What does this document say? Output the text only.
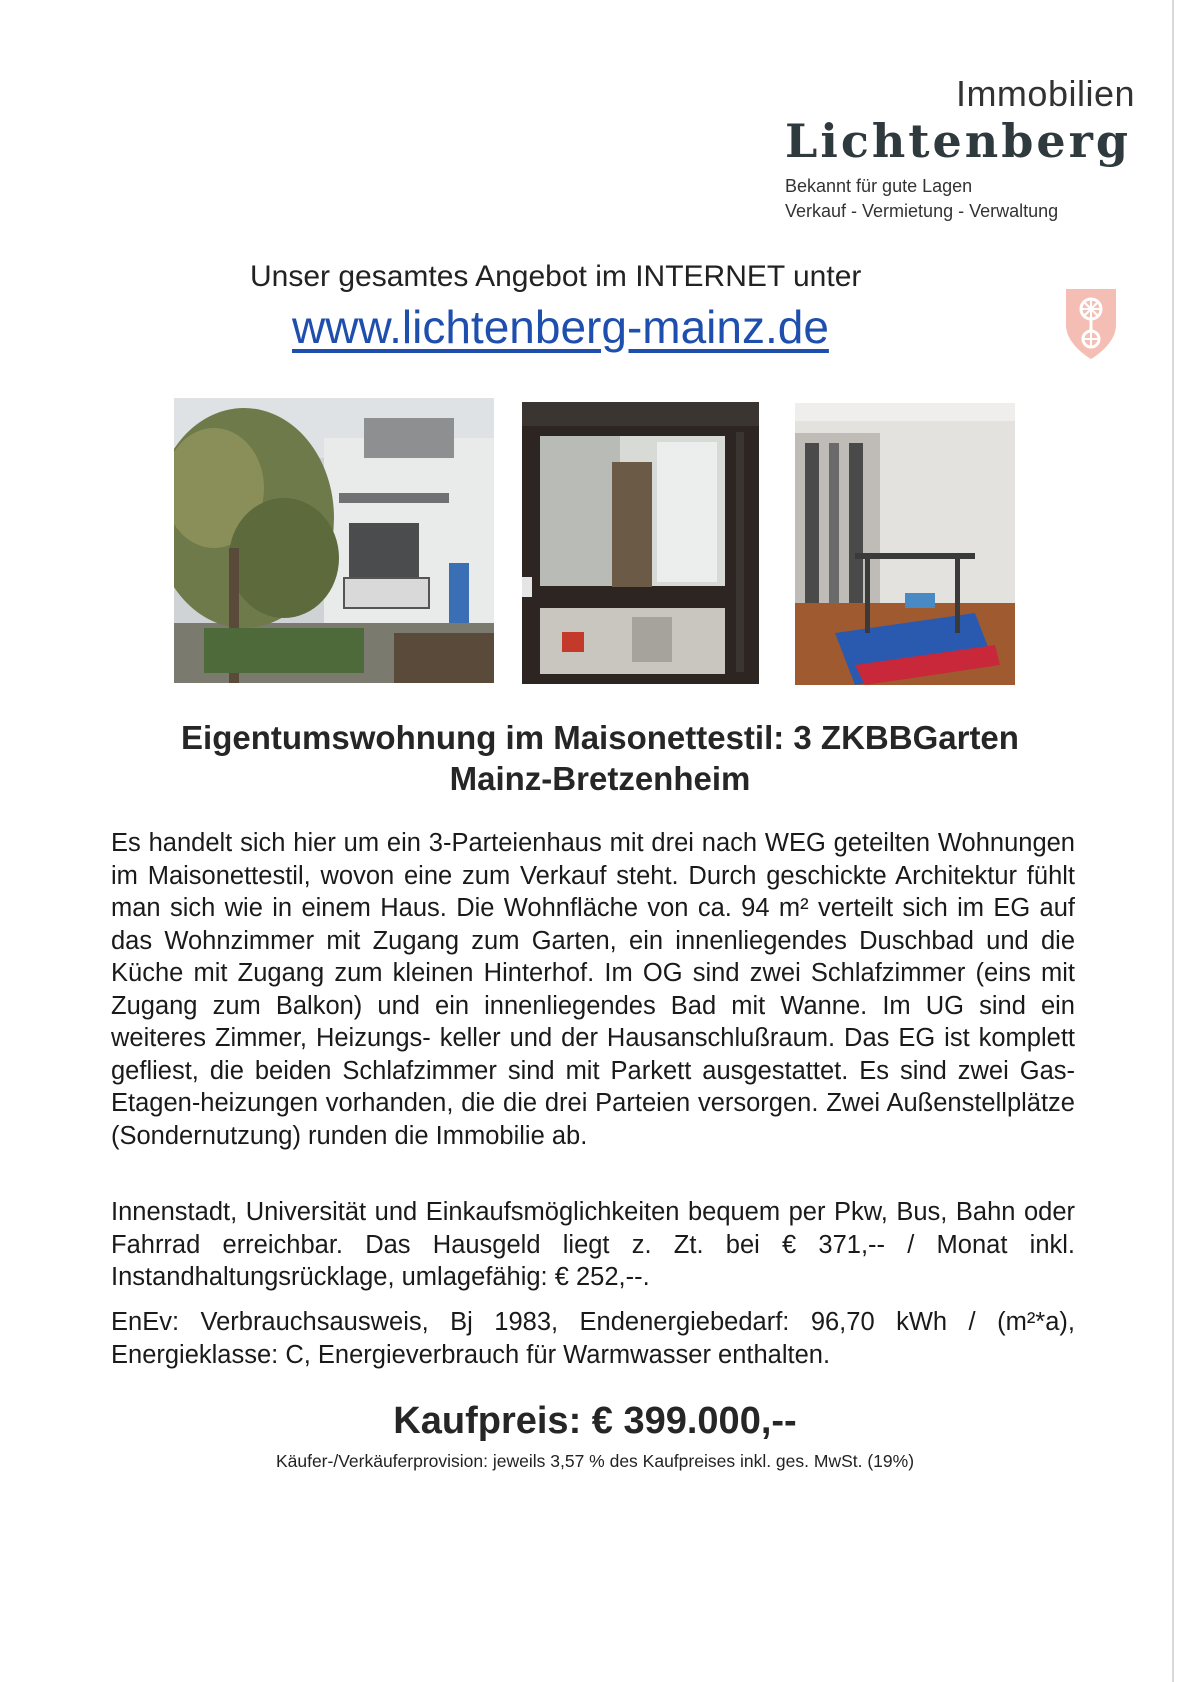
Immobilien
Lichtenberg
Bekannt für gute Lagen
Verkauf - Vermietung - Verwaltung
Unser gesamtes Angebot im INTERNET unter
www.lichtenberg-mainz.de
Eigentumswohnung im Maisonettestil: 3 ZKBBGarten
Mainz-Bretzenheim

Es handelt sich hier um ein 3-Parteienhaus mit drei nach WEG geteilten Wohnungen im Maisonettestil, wovon eine zum Verkauf steht. Durch geschickte Architektur fühlt man sich wie in einem Haus. Die Wohnfläche von ca. 94 m² verteilt sich im EG auf das Wohnzimmer mit Zugang zum Garten, ein innenliegendes Duschbad und die Küche mit Zugang zum kleinen Hinterhof. Im OG sind zwei Schlafzimmer (eins mit Zugang zum Balkon) und ein innenliegendes Bad mit Wanne. Im UG sind ein weiteres Zimmer, Heizungs- keller und der Hausanschlußraum. Das EG ist komplett gefliest, die beiden Schlafzimmer sind mit Parkett ausgestattet. Es sind zwei Gas-Etagen-heizungen vorhanden, die die drei Parteien versorgen. Zwei Außenstellplätze (Sondernutzung) runden die Immobilie ab.

Innenstadt, Universität und Einkaufsmöglichkeiten bequem per Pkw, Bus, Bahn oder Fahrrad erreichbar. Das Hausgeld liegt z. Zt. bei € 371,-- / Monat inkl. Instandhaltungsrücklage, umlagefähig: € 252,--.

EnEv: Verbrauchsausweis, Bj 1983, Endenergiebedarf: 96,70 kWh / (m²*a), Energieklasse: C, Energieverbrauch für Warmwasser enthalten.

Kaufpreis: € 399.000,--
Käufer-/Verkäuferprovision: jeweils 3,57 % des Kaufpreises inkl. ges. MwSt. (19%)
